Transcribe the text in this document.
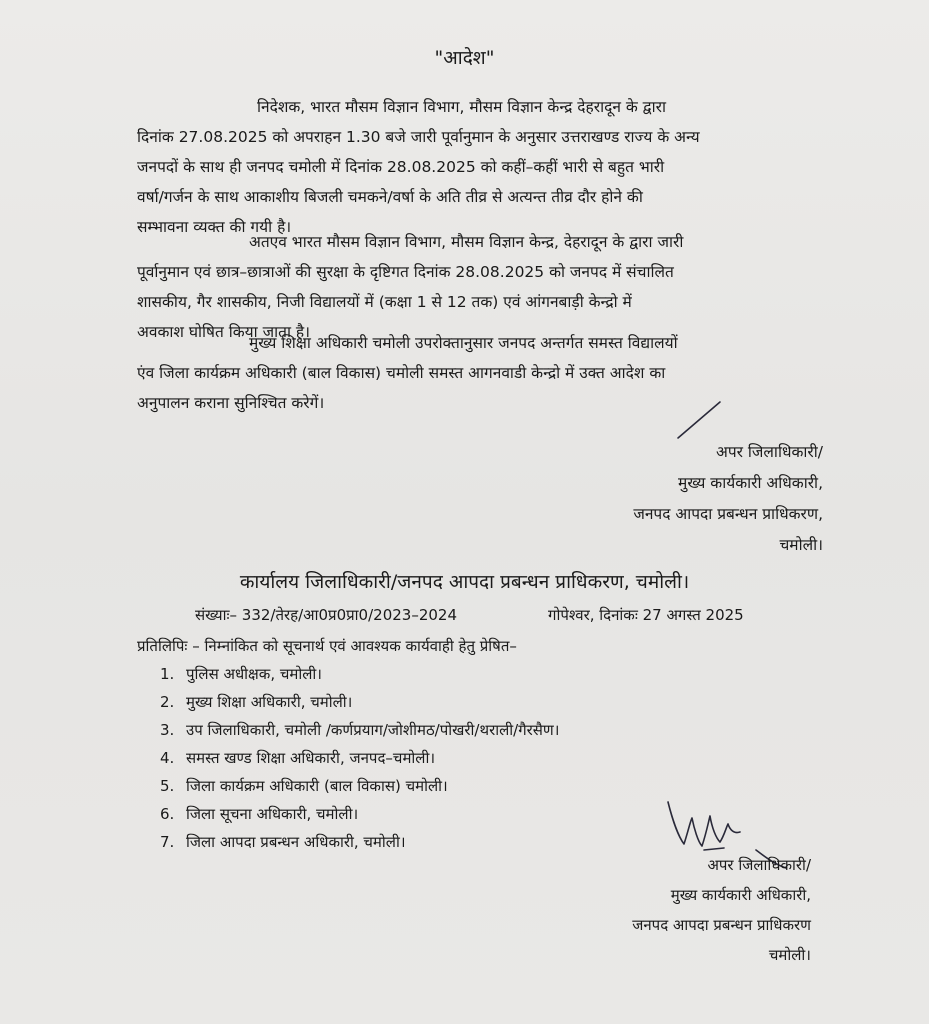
"आदेश"
निदेशक, भारत मौसम विज्ञान विभाग, मौसम विज्ञान केन्द्र देहरादून के द्वारा
दिनांक 27.08.2025 को अपराहन 1.30 बजे जारी पूर्वानुमान के अनुसार उत्तराखण्ड राज्य के अन्य
जनपदों के साथ ही जनपद चमोली में दिनांक 28.08.2025 को कहीं–कहीं भारी से बहुत भारी
वर्षा/गर्जन के साथ आकाशीय बिजली चमकने/वर्षा के अति तीव्र से अत्यन्त तीव्र दौर होने की
सम्भावना व्यक्त की गयी है।
अतएव भारत मौसम विज्ञान विभाग, मौसम विज्ञान केन्द्र, देहरादून के द्वारा जारी
पूर्वानुमान एवं छात्र–छात्राओं की सुरक्षा के दृष्टिगत दिनांक 28.08.2025 को जनपद में संचालित
शासकीय, गैर शासकीय, निजी विद्यालयों में (कक्षा 1 से 12 तक) एवं आंगनबाड़ी केन्द्रो में
अवकाश घोषित किया जाता है।
मुख्य शिक्षा अधिकारी चमोली उपरोक्तानुसार जनपद अन्तर्गत समस्त विद्यालयों
एंव जिला कार्यक्रम अधिकारी (बाल विकास) चमोली समस्त आगनवाडी केन्द्रो में उक्त आदेश का
अनुपालन कराना सुनिश्चित करेगें।
अपर जिलाधिकारी/
मुख्य कार्यकारी अधिकारी,
जनपद आपदा प्रबन्धन प्राधिकरण,
चमोली।
कार्यालय जिलाधिकारी/जनपद आपदा प्रबन्धन प्राधिकरण, चमोली।
संख्याः– 332/तेरह/आ0प्र0प्रा0/2023–2024	गोपेश्वर, दिनांकः 27 अगस्त 2025
प्रतिलिपिः – निम्नांकित को सूचनार्थ एवं आवश्यक कार्यवाही हेतु प्रेषित–
1. पुलिस अधीक्षक, चमोली।
2. मुख्य शिक्षा अधिकारी, चमोली।
3. उप जिलाधिकारी, चमोली /कर्णप्रयाग/जोशीमठ/पोखरी/थराली/गैरसैण।
4. समस्त खण्ड शिक्षा अधिकारी, जनपद–चमोली।
5. जिला कार्यक्रम अधिकारी (बाल विकास) चमोली।
6. जिला सूचना अधिकारी, चमोली।
7. जिला आपदा प्रबन्धन अधिकारी, चमोली।
अपर जिलाधिकारी/
मुख्य कार्यकारी अधिकारी,
जनपद आपदा प्रबन्धन प्राधिकरण
चमोली।
